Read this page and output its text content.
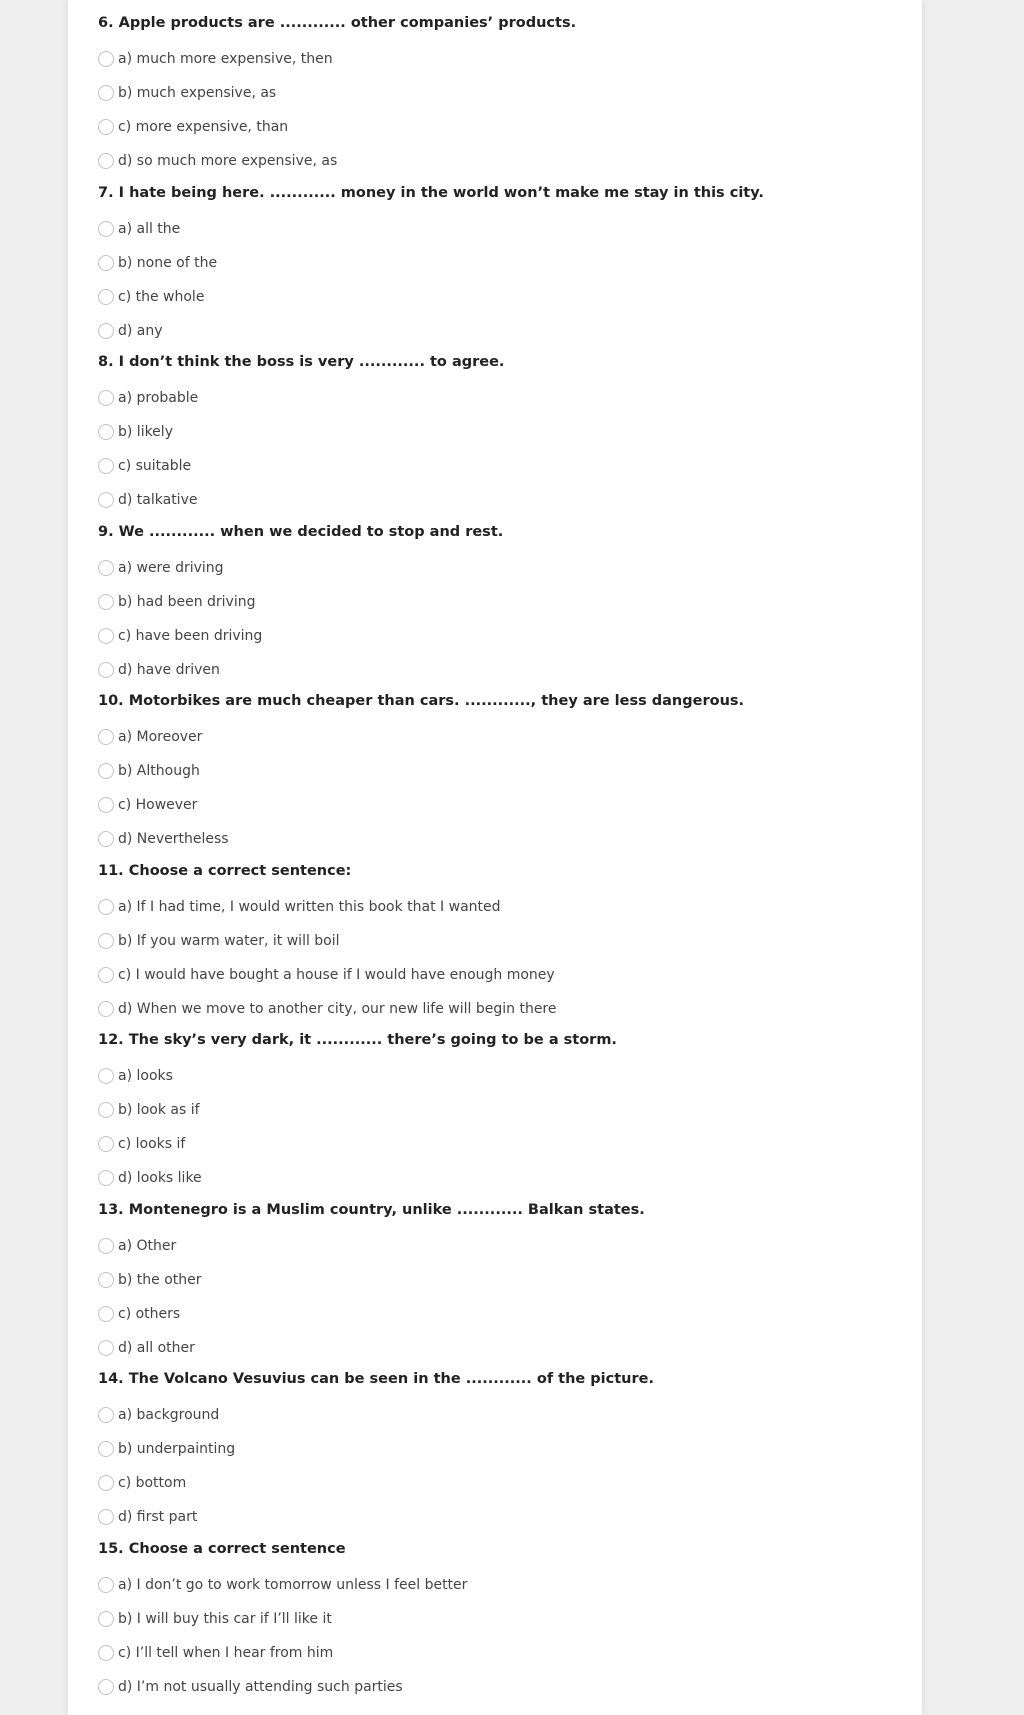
6. Apple products are ............ other companies’ products.
a) much more expensive, then
b) much expensive, as
c) more expensive, than
d) so much more expensive, as
7. I hate being here. ............ money in the world won’t make me stay in this city.
a) all the
b) none of the
c) the whole
d) any
8. I don’t think the boss is very ............ to agree.
a) probable
b) likely
c) suitable
d) talkative
9. We ............ when we decided to stop and rest.
a) were driving
b) had been driving
c) have been driving
d) have driven
10. Motorbikes are much cheaper than cars. ............, they are less dangerous.
a) Moreover
b) Although
c) However
d) Nevertheless
11. Choose a correct sentence:
a) If I had time, I would written this book that I wanted
b) If you warm water, it will boil
c) I would have bought a house if I would have enough money
d) When we move to another city, our new life will begin there
12. The sky’s very dark, it ............ there’s going to be a storm.
a) looks
b) look as if
c) looks if
d) looks like
13. Montenegro is a Muslim country, unlike ............ Balkan states.
a) Other
b) the other
c) others
d) all other
14. The Volcano Vesuvius can be seen in the ............ of the picture.
a) background
b) underpainting
c) bottom
d) first part
15. Choose a correct sentence
a) I don’t go to work tomorrow unless I feel better
b) I will buy this car if I’ll like it
c) I’ll tell when I hear from him
d) I’m not usually attending such parties
